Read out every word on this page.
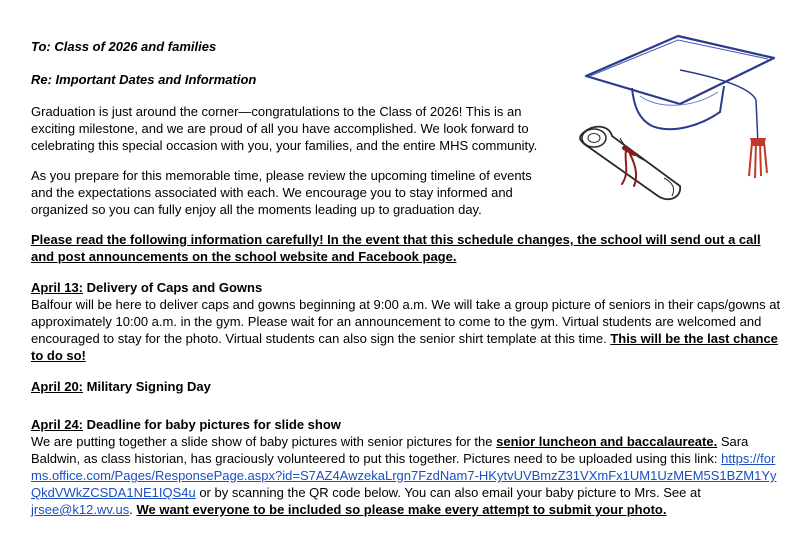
To: Class of 2026 and families

Re: Important Dates and Information

Graduation is just around the corner—congratulations to the Class of 2026! This is an exciting milestone, and we are proud of all you have accomplished. We look forward to celebrating this special occasion with you, your families, and the entire MHS community.

As you prepare for this memorable time, please review the upcoming timeline of events and the expectations associated with each. We encourage you to stay informed and organized so you can fully enjoy all the moments leading up to graduation day.

Please read the following information carefully! In the event that this schedule changes, the school will send out a call and post announcements on the school website and Facebook page.

April 13: Delivery of Caps and Gowns
Balfour will be here to deliver caps and gowns beginning at 9:00 a.m. We will take a group picture of seniors in their caps/gowns at approximately 10:00 a.m. in the gym. Please wait for an announcement to come to the gym. Virtual students are welcomed and encouraged to stay for the photo. Virtual students can also sign the senior shirt template at this time. This will be the last chance to do so!

April 20: Military Signing Day

April 24: Deadline for baby pictures for slide show
We are putting together a slide show of baby pictures with senior pictures for the senior luncheon and baccalaureate. Sara Baldwin, as class historian, has graciously volunteered to put this together. Pictures need to be uploaded using this link: https://forms.office.com/Pages/ResponsePage.aspx?id=S7AZ4AwzekaLrgn7FzdNam7-HKytvUVBmzZ31VXmFx1UM1UzMEM5S1BZM1YyQkdVWkZCSDA1NE1IQS4u or by scanning the QR code below. You can also email your baby picture to Mrs. See at jrsee@k12.wv.us. We want everyone to be included so please make every attempt to submit your photo.
